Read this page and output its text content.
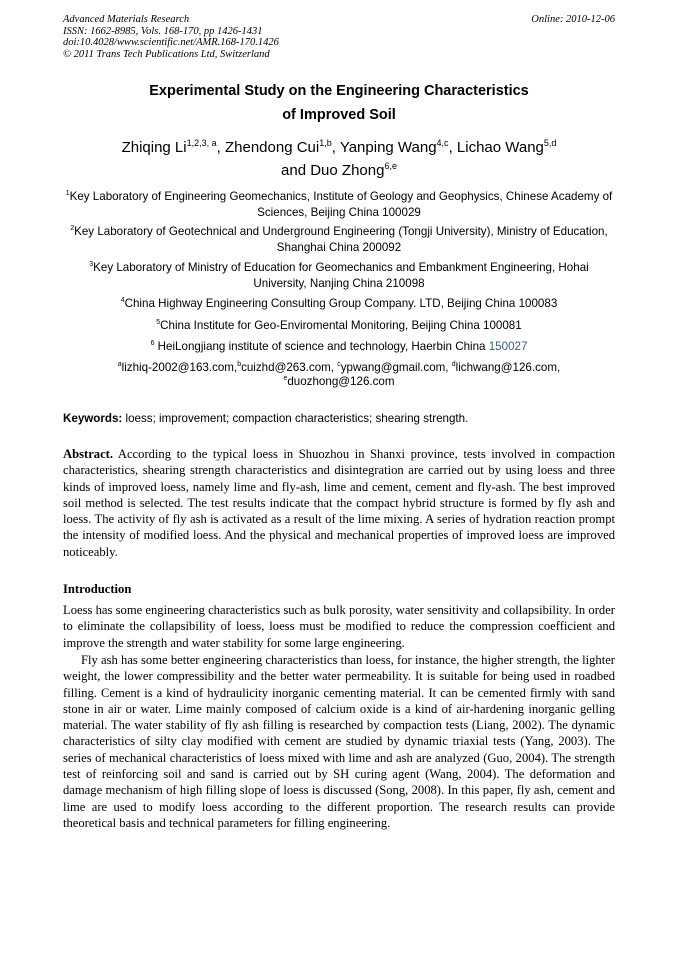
Advanced Materials Research
ISSN: 1662-8985, Vols. 168-170, pp 1426-1431
doi:10.4028/www.scientific.net/AMR.168-170.1426
© 2011 Trans Tech Publications Ltd, Switzerland
Online: 2010-12-06
Experimental Study on the Engineering Characteristics
of Improved Soil
Zhiqing Li$^{1,2,3, a}$, Zhendong Cui$^{1,b}$, Yanping Wang$^{4,c}$, Lichao Wang$^{5,d}$
and Duo Zhong$^{6,e}$
$^1$Key Laboratory of Engineering Geomechanics, Institute of Geology and Geophysics, Chinese Academy of Sciences, Beijing China 100029
$^2$Key Laboratory of Geotechnical and Underground Engineering (Tongji University), Ministry of Education, Shanghai China 200092
$^3$Key Laboratory of Ministry of Education for Geomechanics and Embankment Engineering, Hohai University, Nanjing China 210098
$^4$China Highway Engineering Consulting Group Company. LTD, Beijing China 100083
$^5$China Institute for Geo-Enviromental Monitoring, Beijing China 100081
$^6$ HeiLongjiang institute of science and technology, Haerbin China 150027
$^a$lizhiq-2002@163.com,$^b$cuizhd@263.com, $^c$ypwang@gmail.com, $^d$lichwang@126.com,
$^e$duozhong@126.com
Keywords: loess; improvement; compaction characteristics; shearing strength.
Abstract. According to the typical loess in Shuozhou in Shanxi province, tests involved in compaction characteristics, shearing strength characteristics and disintegration are carried out by using loess and three kinds of improved loess, namely lime and fly-ash, lime and cement, cement and fly-ash. The best improved soil method is selected. The test results indicate that the compact hybrid structure is formed by fly ash and loess. The activity of fly ash is activated as a result of the lime mixing. A series of hydration reaction prompt the intensity of modified loess. And the physical and mechanical properties of improved loess are improved noticeably.
Introduction
Loess has some engineering characteristics such as bulk porosity, water sensitivity and collapsibility. In order to eliminate the collapsibility of loess, loess must be modified to reduce the compression coefficient and improve the strength and water stability for some large engineering.
Fly ash has some better engineering characteristics than loess, for instance, the higher strength, the lighter weight, the lower compressibility and the better water permeability. It is suitable for being used in roadbed filling. Cement is a kind of hydraulicity inorganic cementing material. It can be cemented firmly with sand stone in air or water. Lime mainly composed of calcium oxide is a kind of air-hardening inorganic gelling material. The water stability of fly ash filling is researched by compaction tests (Liang, 2002). The dynamic characteristics of silty clay modified with cement are studied by dynamic triaxial tests (Yang, 2003). The series of mechanical characteristics of loess mixed with lime and ash are analyzed (Guo, 2004). The strength test of reinforcing soil and sand is carried out by SH curing agent (Wang, 2004). The deformation and damage mechanism of high filling slope of loess is discussed (Song, 2008). In this paper, fly ash, cement and lime are used to modify loess according to the different proportion. The research results can provide theoretical basis and technical parameters for filling engineering.
